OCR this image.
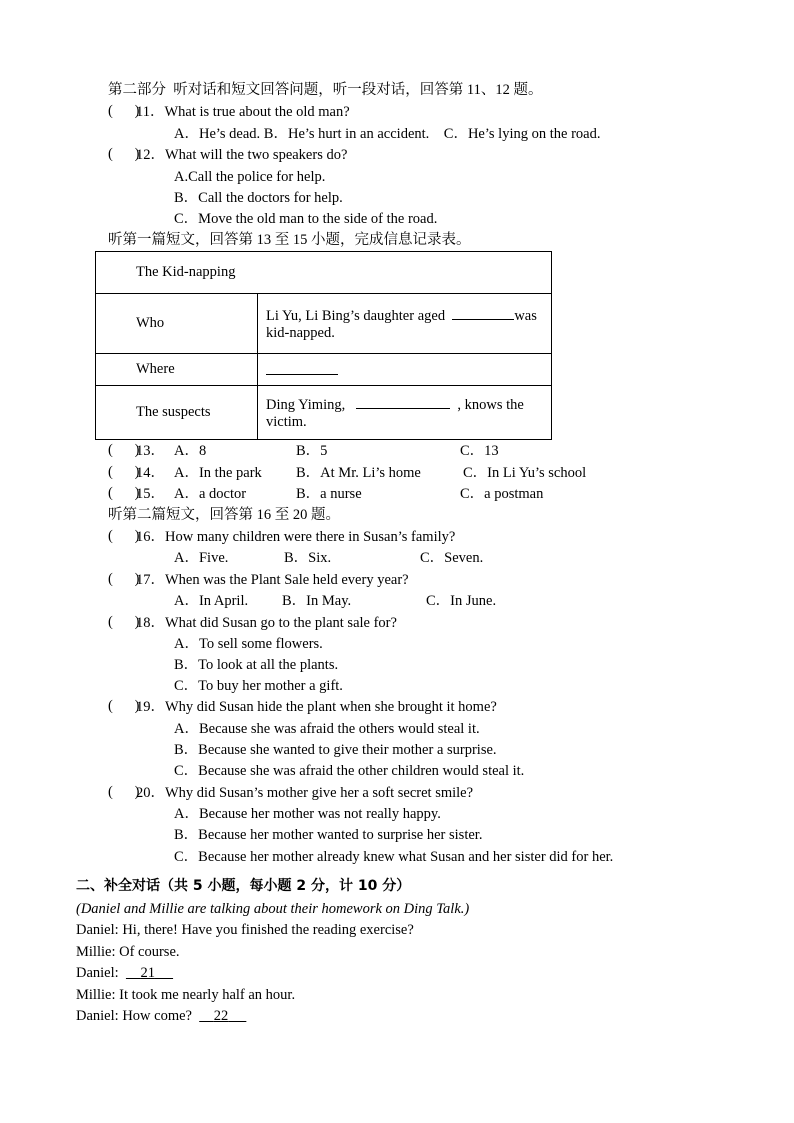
第二部分  听对话和短文回答问题，听一段对话，回答第 11、12 题。
(      )
11．What is true about the old man?
A．He’s dead. B．He’s hurt in an accident.    C．He’s lying on the road.
(      )
12．What will the two speakers do?
A.Call the police for help.
B．Call the doctors for help.
C．Move the old man to the side of the road.
听第一篇短文，回答第 13 至 15 小题，完成信息记录表。
The Kid-napping	
Who	Li Yu, Li Bing’s daughter aged was
kid-napped.
Where	
The suspects	Ding Yiming, , knows the
victim.
(      )
13． A．8	B．5	C．13
(      )
14． A．In the park B．At Mr. Li’s home	C．In Li Yu’s school
(      )
15． A．a doctor	B．a nurse	C．a postman
听第二篇短文，回答第 16 至 20 题。
(      )
16．How many children were there in Susan’s family?
A．Five.	B．Six.	C．Seven.
(      )
17．When was the Plant Sale held every year?
A．In April. B．In May.	C．In June.
(      )
18．What did Susan go to the plant sale for?
A．To sell some flowers.
B．To look at all the plants.
C．To buy her mother a gift.
(      )
19．Why did Susan hide the plant when she brought it home?
A．Because she was afraid the others would steal it.
B．Because she wanted to give their mother a surprise.
C．Because she was afraid the other children would steal it.
(      )
20．Why did Susan’s mother give her a soft secret smile?
A．Because her mother was not really happy.
B．Because her mother wanted to surprise her sister.
C．Because her mother already knew what Susan and her sister did for her.
二、补全对话（共 5 小题，每小题 2 分，计 10 分）
(Daniel and Millie are talking about their homework on Ding Talk.)
Daniel: Hi, there! Have you finished the reading exercise?
Millie: Of course.
Daniel: 21
Millie: It took me nearly half an hour.
Daniel: How come?      22
